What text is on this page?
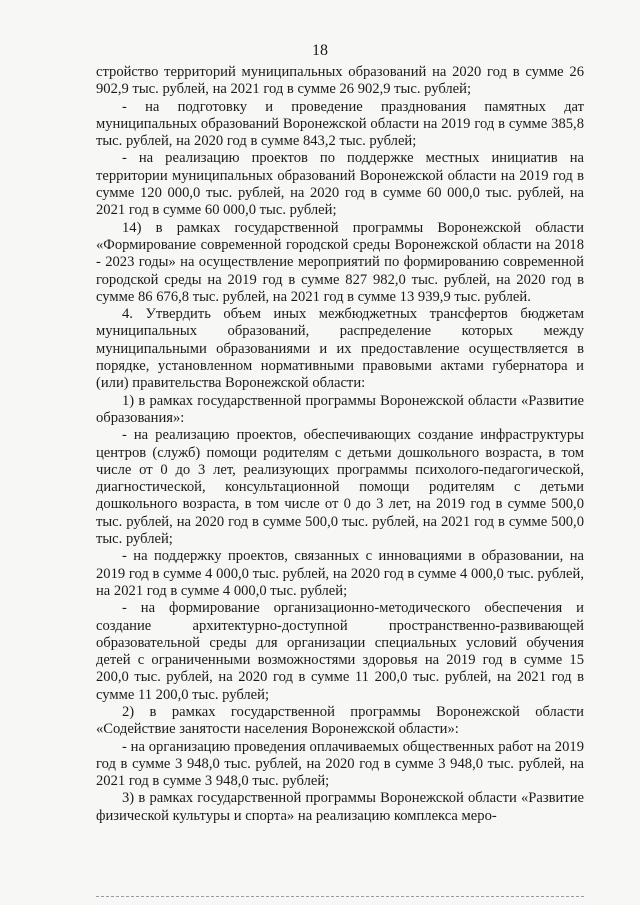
18

стройство территорий муниципальных образований на 2020 год в сумме 26 902,9 тыс. рублей, на 2021 год в сумме 26 902,9 тыс. рублей;

- на подготовку и проведение празднования памятных дат муниципальных образований Воронежской области на 2019 год в сумме 385,8 тыс. рублей, на 2020 год в сумме 843,2 тыс. рублей;

- на реализацию проектов по поддержке местных инициатив на территории муниципальных образований Воронежской области на 2019 год в сумме 120 000,0 тыс. рублей, на 2020 год в сумме 60 000,0 тыс. рублей, на 2021 год в сумме 60 000,0 тыс. рублей;

14) в рамках государственной программы Воронежской области «Формирование современной городской среды Воронежской области на 2018 - 2023 годы» на осуществление мероприятий по формированию современной городской среды на 2019 год в сумме 827 982,0 тыс. рублей, на 2020 год в сумме 86 676,8 тыс. рублей, на 2021 год в сумме 13 939,9 тыс. рублей.

4. Утвердить объем иных межбюджетных трансфертов бюджетам муниципальных образований, распределение которых между муниципальными образованиями и их предоставление осуществляется в порядке, установленном нормативными правовыми актами губернатора и (или) правительства Воронежской области:

1) в рамках государственной программы Воронежской области «Развитие образования»:

- на реализацию проектов, обеспечивающих создание инфраструктуры центров (служб) помощи родителям с детьми дошкольного возраста, в том числе от 0 до 3 лет, реализующих программы психолого-педагогической, диагностической, консультационной помощи родителям с детьми дошкольного возраста, в том числе от 0 до 3 лет, на 2019 год в сумме 500,0 тыс. рублей, на 2020 год в сумме 500,0 тыс. рублей, на 2021 год в сумме 500,0 тыс. рублей;

- на поддержку проектов, связанных с инновациями в образовании, на 2019 год в сумме 4 000,0 тыс. рублей, на 2020 год в сумме 4 000,0 тыс. рублей, на 2021 год в сумме 4 000,0 тыс. рублей;

- на формирование организационно-методического обеспечения и создание архитектурно-доступной пространственно-развивающей образовательной среды для организации специальных условий обучения детей с ограниченными возможностями здоровья на 2019 год в сумме 15 200,0 тыс. рублей, на 2020 год в сумме 11 200,0 тыс. рублей, на 2021 год в сумме 11 200,0 тыс. рублей;

2) в рамках государственной программы Воронежской области «Содействие занятости населения Воронежской области»:

- на организацию проведения оплачиваемых общественных работ на 2019 год в сумме 3 948,0 тыс. рублей, на 2020 год в сумме 3 948,0 тыс. рублей, на 2021 год в сумме 3 948,0 тыс. рублей;

3) в рамках государственной программы Воронежской области «Развитие физической культуры и спорта» на реализацию комплекса меро-
